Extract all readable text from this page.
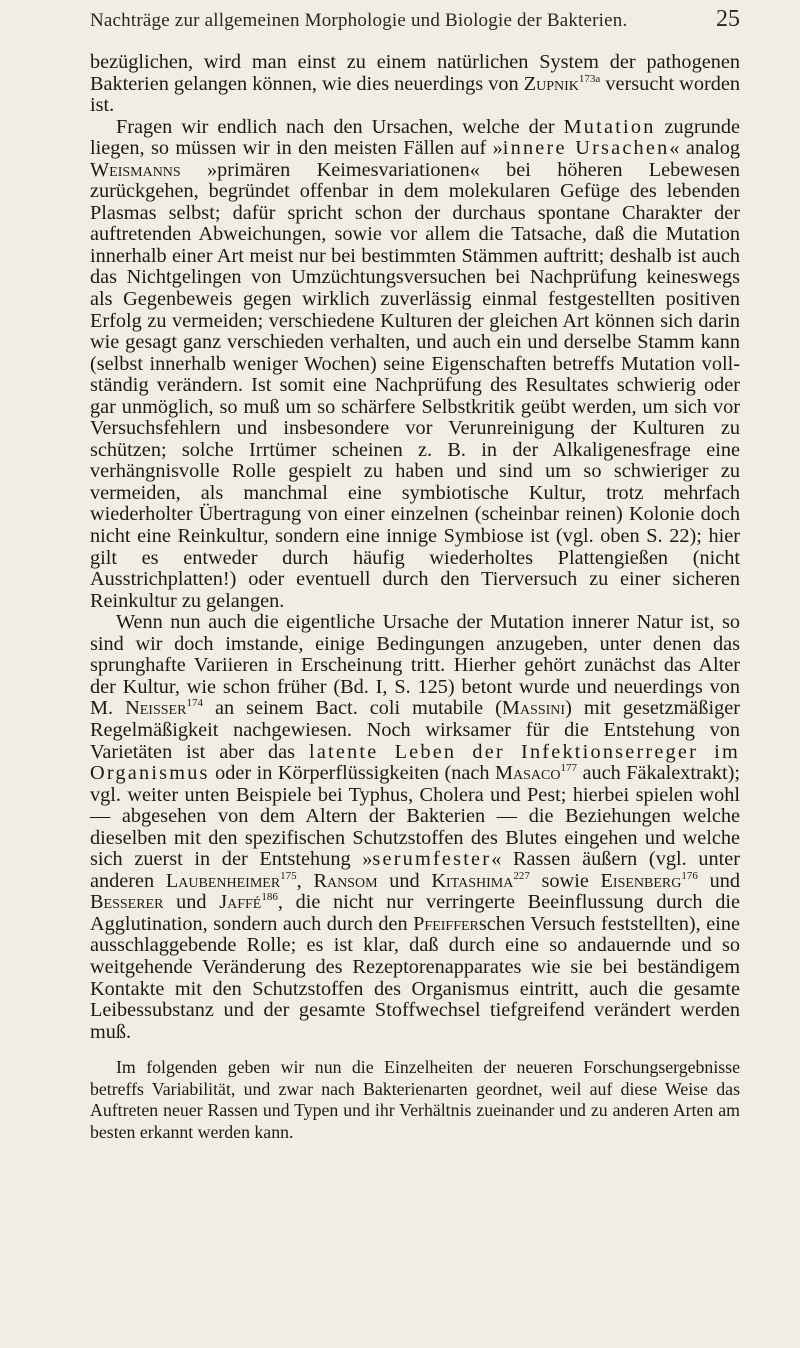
Nachträge zur allgemeinen Morphologie und Biologie der Bakterien.	25

bezüglichen, wird man einst zu einem natürlichen System der pathogenen Bakterien gelangen können, wie dies neuerdings von Zupnik$^{173a}$ versucht worden ist.

Fragen wir endlich nach den Ursachen, welche der Mutation zugrunde liegen, so müssen wir in den meisten Fällen auf »innere Ursachen« analog Weismanns »primären Keimesvariationen« bei höheren Lebewesen zurückgehen, begründet offenbar in dem molekularen Gefüge des lebenden Plasmas selbst; dafür spricht schon der durchaus spontane Charakter der auftretenden Abweichungen, sowie vor allem die Tatsache, daß die Mutation innerhalb einer Art meist nur bei bestimmten Stämmen auftritt; deshalb ist auch das Nichtgelingen von Umzüchtungsversuchen bei Nachprüfung keineswegs als Gegenbeweis gegen wirklich zuverlässig einmal festgestellten positiven Erfolg zu vermeiden; verschiedene Kulturen der gleichen Art können sich darin wie gesagt ganz verschieden verhalten, und auch ein und derselbe Stamm kann (selbst innerhalb weniger Wochen) seine Eigenschaften betreffs Mutation vollständig verändern. Ist somit eine Nachprüfung des Resultates schwierig oder gar unmöglich, so muß um so schärfere Selbstkritik geübt werden, um sich vor Versuchsfehlern und insbesondere vor Verunreinigung der Kulturen zu schützen; solche Irrtümer scheinen z. B. in der Alkaligenesfrage eine verhängnisvolle Rolle gespielt zu haben und sind um so schwieriger zu vermeiden, als manchmal eine symbiotische Kultur, trotz mehrfach wiederholter Übertragung von einer einzelnen (scheinbar reinen) Kolonie doch nicht eine Reinkultur, sondern eine innige Symbiose ist (vgl. oben S. 22); hier gilt es entweder durch häufig wiederholtes Plattengießen (nicht Ausstrichplatten!) oder eventuell durch den Tierversuch zu einer sicheren Reinkultur zu gelangen.

Wenn nun auch die eigentliche Ursache der Mutation innerer Natur ist, so sind wir doch imstande, einige Bedingungen anzugeben, unter denen das sprunghafte Variieren in Erscheinung tritt. Hierher gehört zunächst das Alter der Kultur, wie schon früher (Bd. I, S. 125) betont wurde und neuerdings von M. Neisser$^{174}$ an seinem Bact. coli mutabile (Massini) mit gesetzmäßiger Regelmäßigkeit nachgewiesen. Noch wirksamer für die Entstehung von Varietäten ist aber das latente Leben der Infektionserreger im Organismus oder in Körperflüssigkeiten (nach Masaco$^{177}$ auch Fäkalextrakt); vgl. weiter unten Beispiele bei Typhus, Cholera und Pest; hierbei spielen wohl — abgesehen von dem Altern der Bakterien — die Beziehungen welche dieselben mit den spezifischen Schutzstoffen des Blutes eingehen und welche sich zuerst in der Entstehung »serumfester« Rassen äußern (vgl. unter anderen Laubenheimer$^{175}$, Ransom und Kitashima$^{227}$ sowie Eisenberg$^{176}$ und Besserer und Jaffé$^{186}$, die nicht nur verringerte Beeinflussung durch die Agglutination, sondern auch durch den Pfeifferschen Versuch feststellten), eine ausschlaggebende Rolle; es ist klar, daß durch eine so andauernde und so weitgehende Veränderung des Rezeptorenapparates wie sie bei beständigem Kontakte mit den Schutzstoffen des Organismus eintritt, auch die gesamte Leibessubstanz und der gesamte Stoffwechsel tiefgreifend verändert werden muß.

Im folgenden geben wir nun die Einzelheiten der neueren Forschungsergebnisse betreffs Variabilität, und zwar nach Bakterienarten geordnet, weil auf diese Weise das Auftreten neuer Rassen und Typen und ihr Verhältnis zueinander und zu anderen Arten am besten erkannt werden kann.
